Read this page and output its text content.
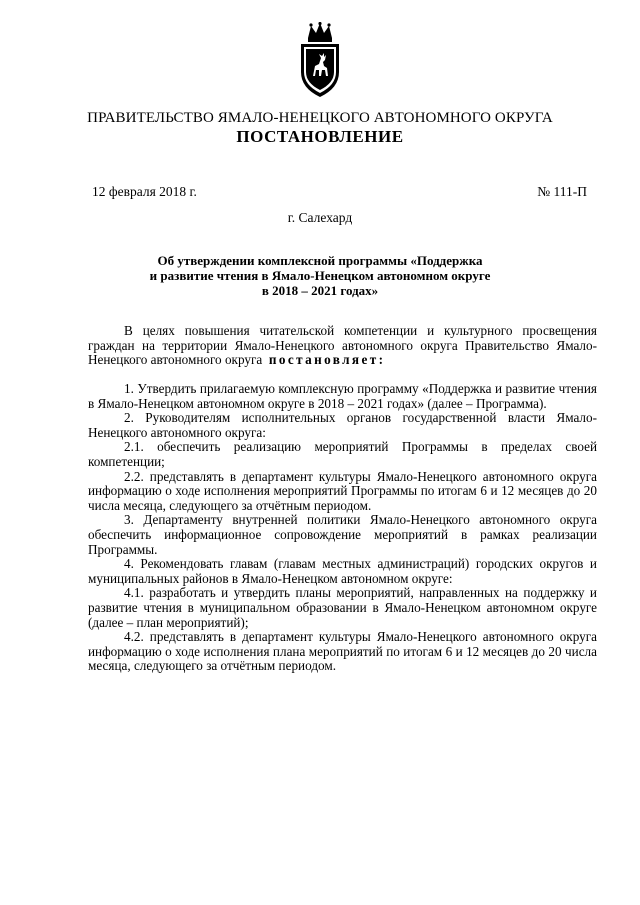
ПРАВИТЕЛЬСТВО ЯМАЛО-НЕНЕЦКОГО АВТОНОМНОГО ОКРУГА
ПОСТАНОВЛЕНИЕ
12 февраля 2018 г.	№ 111-П
г. Салехард
Об утверждении комплексной программы «Поддержка
и развитие чтения в Ямало-Ненецком автономном округе
в 2018 – 2021 годах»

В целях повышения читательской компетенции и культурного просвещения граждан на территории Ямало-Ненецкого автономного округа Правительство Ямало-Ненецкого автономного округа постановляет:

1. Утвердить прилагаемую комплексную программу «Поддержка и развитие чтения в Ямало-Ненецком автономном округе в 2018 – 2021 годах» (далее – Программа).

2. Руководителям исполнительных органов государственной власти Ямало-Ненецкого автономного округа:

2.1. обеспечить реализацию мероприятий Программы в пределах своей компетенции;

2.2. представлять в департамент культуры Ямало-Ненецкого автономного округа информацию о ходе исполнения мероприятий Программы по итогам 6 и 12 месяцев до 20 числа месяца, следующего за отчётным периодом.

3. Департаменту внутренней политики Ямало-Ненецкого автономного округа обеспечить информационное сопровождение мероприятий в рамках реализации Программы.

4. Рекомендовать главам (главам местных администраций) городских округов и муниципальных районов в Ямало-Ненецком автономном округе:

4.1. разработать и утвердить планы мероприятий, направленных на поддержку и развитие чтения в муниципальном образовании в Ямало-Ненецком автономном округе (далее – план мероприятий);

4.2. представлять в департамент культуры Ямало-Ненецкого автономного округа информацию о ходе исполнения плана мероприятий по итогам 6 и 12 месяцев до 20 числа месяца, следующего за отчётным периодом.
